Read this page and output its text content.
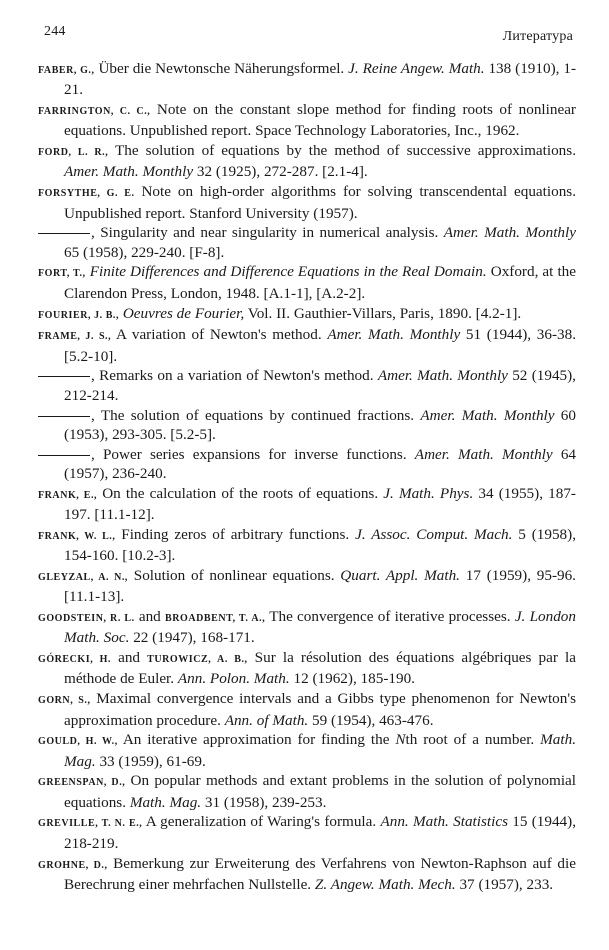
244	Литература

FABER, G., Über die Newtonsche Näherungsformel. J. Reine Angew. Math. 138 (1910), 1-21.

FARRINGTON, C. C., Note on the constant slope method for finding roots of nonlinear equations. Unpublished report. Space Technology Laboratories, Inc., 1962.

FORD, L. R., The solution of equations by the method of successive approximations. Amer. Math. Monthly 32 (1925), 272-287. [2.1-4].

FORSYTHE, G. E. Note on high-order algorithms for solving transcendental equations. Unpublished report. Stanford University (1957).

, Singularity and near singularity in numerical analysis. Amer. Math. Monthly 65 (1958), 229-240. [F-8].

FORT, T., Finite Differences and Difference Equations in the Real Domain. Oxford, at the Clarendon Press, London, 1948. [A.1-1], [A.2-2].

FOURIER, J. B., Oeuvres de Fourier, Vol. II. Gauthier-Villars, Paris, 1890. [4.2-1].

FRAME, J. S., A variation of Newton's method. Amer. Math. Monthly 51 (1944), 36-38. [5.2-10].

, Remarks on a variation of Newton's method. Amer. Math. Monthly 52 (1945), 212-214.

, The solution of equations by continued fractions. Amer. Math. Monthly 60 (1953), 293-305. [5.2-5].

, Power series expansions for inverse functions. Amer. Math. Monthly 64 (1957), 236-240.

FRANK, E., On the calculation of the roots of equations. J. Math. Phys. 34 (1955), 187-197. [11.1-12].

FRANK, W. L., Finding zeros of arbitrary functions. J. Assoc. Comput. Mach. 5 (1958), 154-160. [10.2-3].

GLEYZAL, A. N., Solution of nonlinear equations. Quart. Appl. Math. 17 (1959), 95-96. [11.1-13].

GOODSTEIN, R. L. and BROADBENT, T. A., The convergence of iterative processes. J. London Math. Soc. 22 (1947), 168-171.

GÓRECKI, H. and TUROWICZ, A. B., Sur la résolution des équations algébriques par la méthode de Euler. Ann. Polon. Math. 12 (1962), 185-190.

GORN, S., Maximal convergence intervals and a Gibbs type phenomenon for Newton's approximation procedure. Ann. of Math. 59 (1954), 463-476.

GOULD, H. W., An iterative approximation for finding the Nth root of a number. Math. Mag. 33 (1959), 61-69.

GREENSPAN, D., On popular methods and extant problems in the solution of polynomial equations. Math. Mag. 31 (1958), 239-253.

GREVILLE, T. N. E., A generalization of Waring's formula. Ann. Math. Statistics 15 (1944), 218-219.

GROHNE, D., Bemerkung zur Erweiterung des Verfahrens von Newton-Raphson auf die Berechrung einer mehrfachen Nullstelle. Z. Angew. Math. Mech. 37 (1957), 233.
